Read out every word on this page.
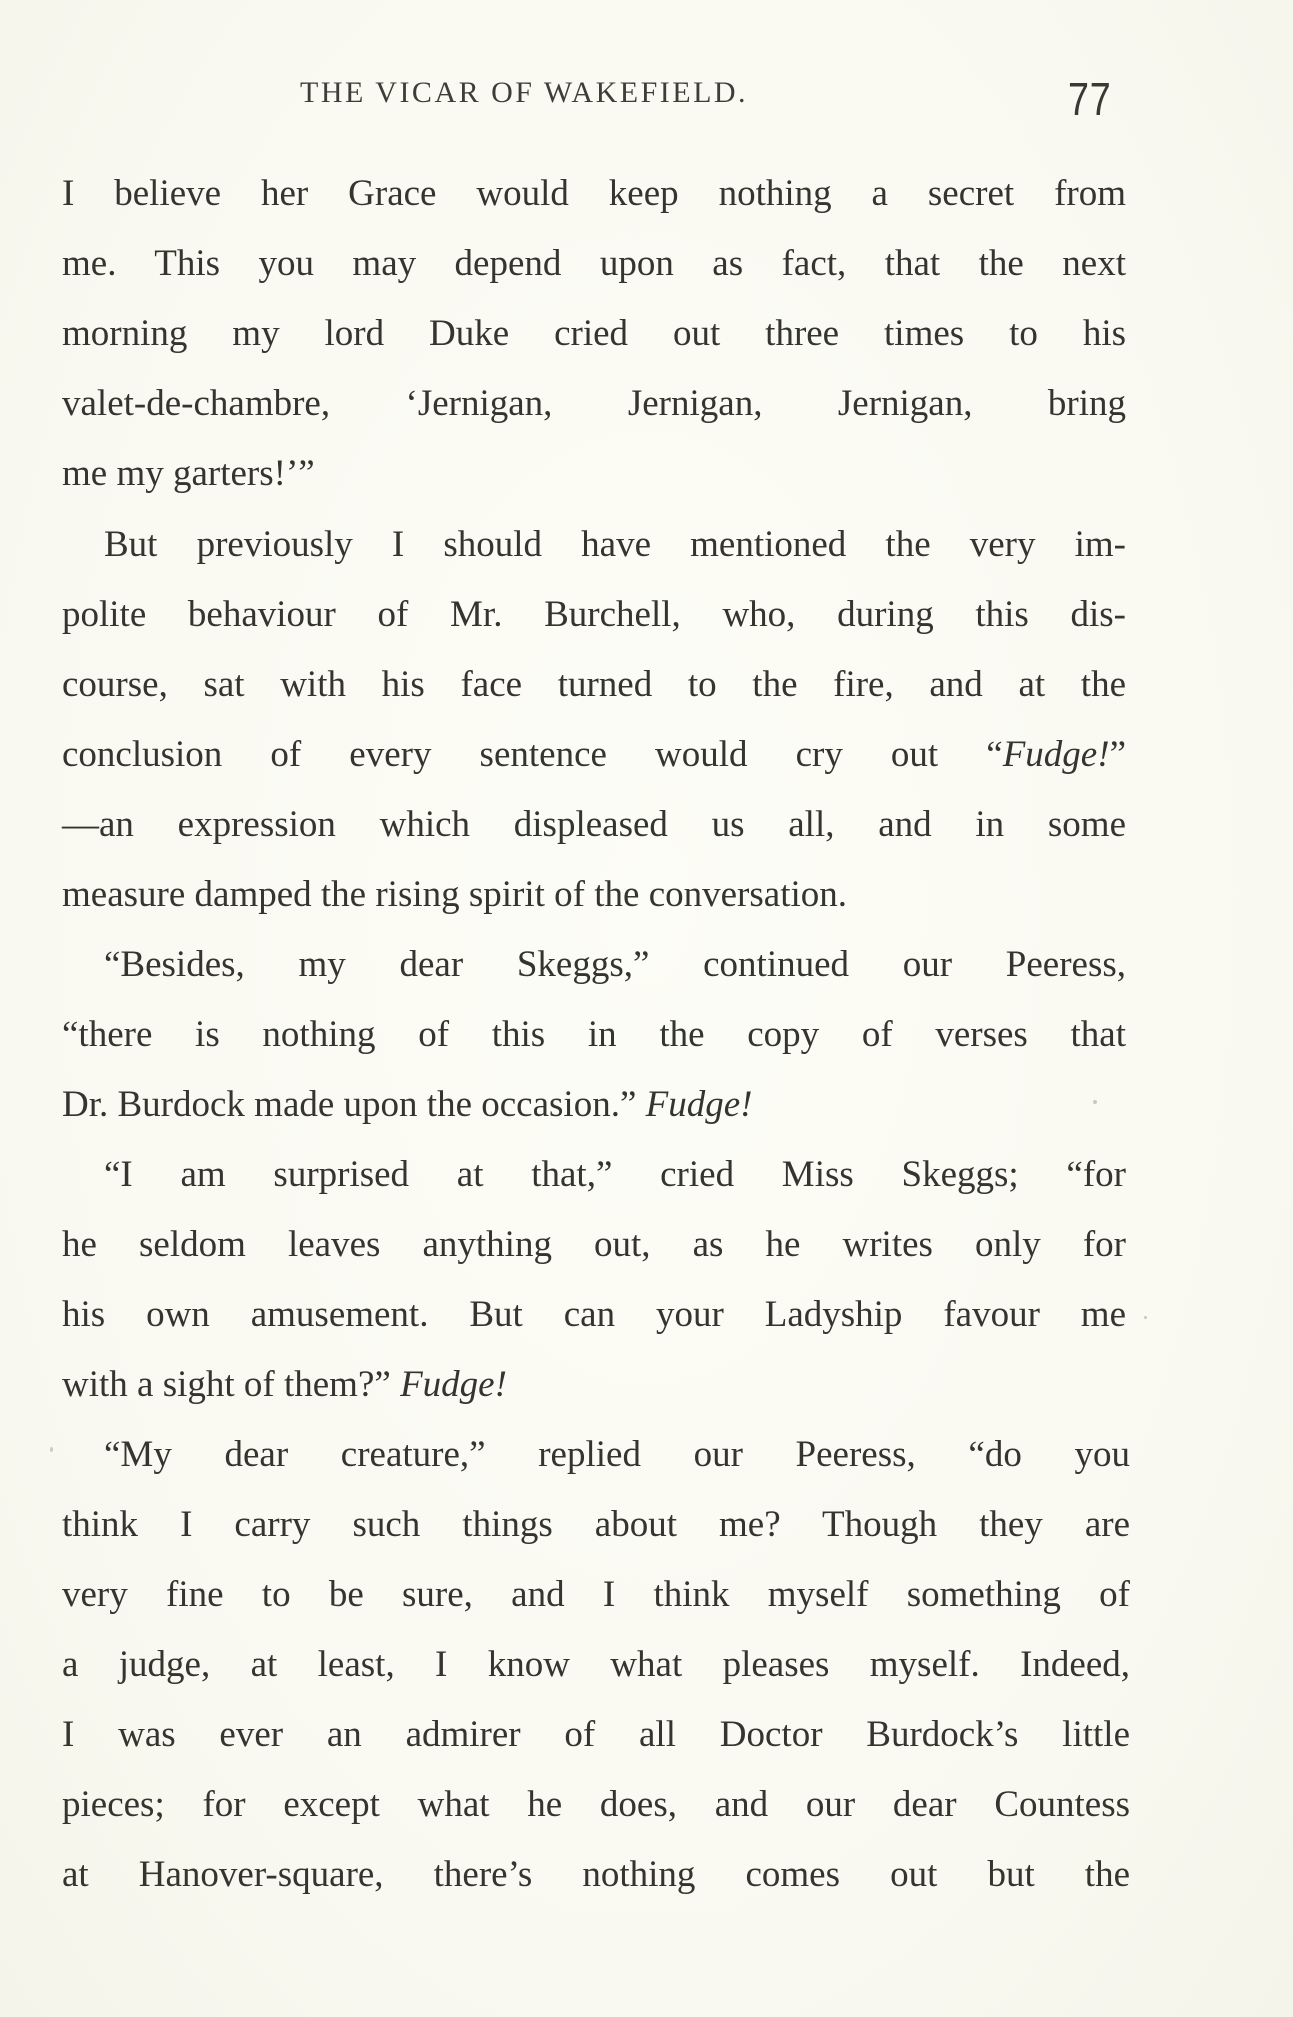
THE VICAR OF WAKEFIELD.	77
I believe her Grace would keep nothing a secret from
me. This you may depend upon as fact, that the next
morning my lord Duke cried out three times to his
valet-de-chambre, ‘Jernigan, Jernigan, Jernigan, bring
me my garters!’”
But previously I should have mentioned the very im-
polite behaviour of Mr. Burchell, who, during this dis-
course, sat with his face turned to the fire, and at the
conclusion of every sentence would cry out “Fudge!”
—an expression which displeased us all, and in some
measure damped the rising spirit of the conversation.
“Besides, my dear Skeggs,” continued our Peeress,
“there is nothing of this in the copy of verses that
Dr. Burdock made upon the occasion.” Fudge!
“I am surprised at that,” cried Miss Skeggs; “for
he seldom leaves anything out, as he writes only for
his own amusement. But can your Ladyship favour me
with a sight of them?” Fudge!
“My dear creature,” replied our Peeress, “do you
think I carry such things about me? Though they are
very fine to be sure, and I think myself something of
a judge, at least, I know what pleases myself. Indeed,
I was ever an admirer of all Doctor Burdock’s little
pieces; for except what he does, and our dear Countess
at Hanover-square, there’s nothing comes out but the
